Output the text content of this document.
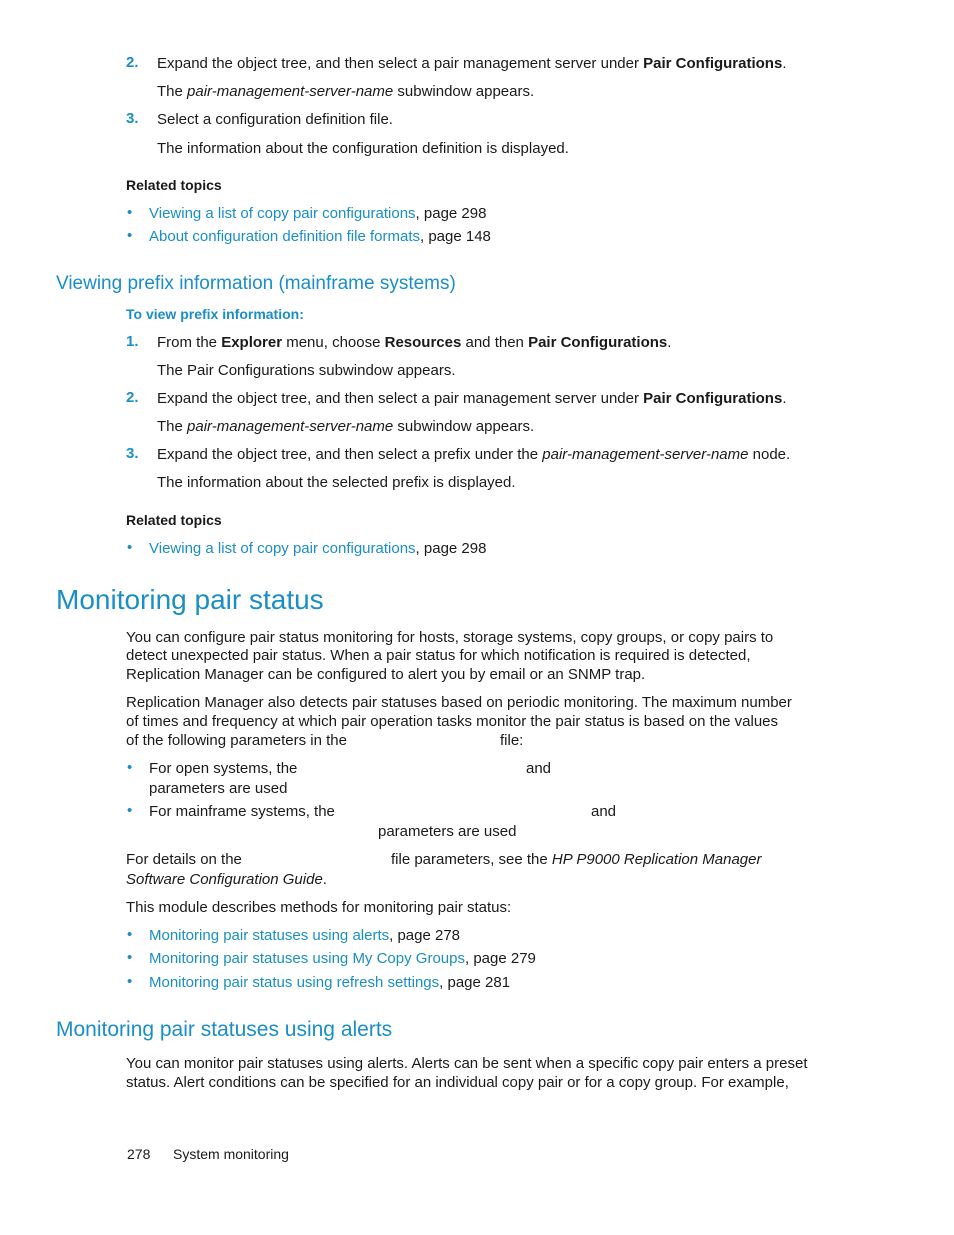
2. Expand the object tree, and then select a pair management server under Pair Configurations.
The pair-management-server-name subwindow appears.
3. Select a configuration definition file.
The information about the configuration definition is displayed.
Related topics
• Viewing a list of copy pair configurations, page 298
• About configuration definition file formats, page 148
Viewing prefix information (mainframe systems)
To view prefix information:
1. From the Explorer menu, choose Resources and then Pair Configurations.
The Pair Configurations subwindow appears.
2. Expand the object tree, and then select a pair management server under Pair Configurations.
The pair-management-server-name subwindow appears.
3. Expand the object tree, and then select a prefix under the pair-management-server-name node.
The information about the selected prefix is displayed.
Related topics
• Viewing a list of copy pair configurations, page 298
Monitoring pair status
You can configure pair status monitoring for hosts, storage systems, copy groups, or copy pairs to
detect unexpected pair status. When a pair status for which notification is required is detected,
Replication Manager can be configured to alert you by email or an SNMP trap.
Replication Manager also detects pair statuses based on periodic monitoring. The maximum number
of times and frequency at which pair operation tasks monitor the pair status is based on the values
of the following parameters in the	file:
• For open systems, the	and
parameters are used
• For mainframe systems, the	and
parameters are used
For details on the	file parameters, see the HP P9000 Replication Manager
Software Configuration Guide.
This module describes methods for monitoring pair status:
• Monitoring pair statuses using alerts, page 278
• Monitoring pair statuses using My Copy Groups, page 279
• Monitoring pair status using refresh settings, page 281
Monitoring pair statuses using alerts
You can monitor pair statuses using alerts. Alerts can be sent when a specific copy pair enters a preset
status. Alert conditions can be specified for an individual copy pair or for a copy group. For example,
278 System monitoring
